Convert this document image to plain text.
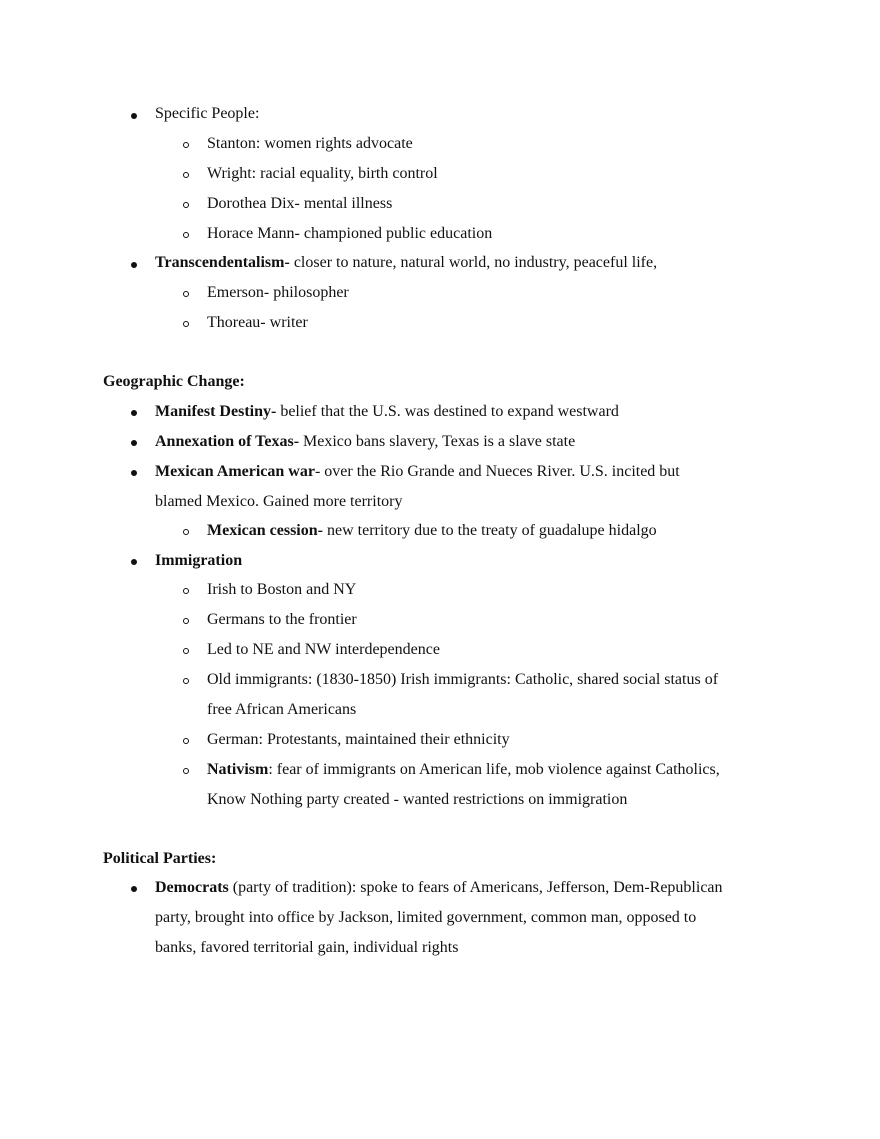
Specific People:
Stanton: women rights advocate
Wright: racial equality, birth control
Dorothea Dix- mental illness
Horace Mann- championed public education
Transcendentalism- closer to nature, natural world, no industry, peaceful life,
Emerson- philosopher
Thoreau- writer
Geographic Change:
Manifest Destiny- belief that the U.S. was destined to expand westward
Annexation of Texas- Mexico bans slavery, Texas is a slave state
Mexican American war- over the Rio Grande and Nueces River. U.S. incited but
blamed Mexico. Gained more territory
Mexican cession- new territory due to the treaty of guadalupe hidalgo
Immigration
Irish to Boston and NY
Germans to the frontier
Led to NE and NW interdependence
Old immigrants: (1830-1850) Irish immigrants: Catholic, shared social status of
free African Americans
German: Protestants, maintained their ethnicity
Nativism: fear of immigrants on American life, mob violence against Catholics,
Know Nothing party created - wanted restrictions on immigration
Political Parties:
Democrats (party of tradition): spoke to fears of Americans, Jefferson, Dem-Republican
party, brought into office by Jackson, limited government, common man, opposed to
banks, favored territorial gain, individual rights
